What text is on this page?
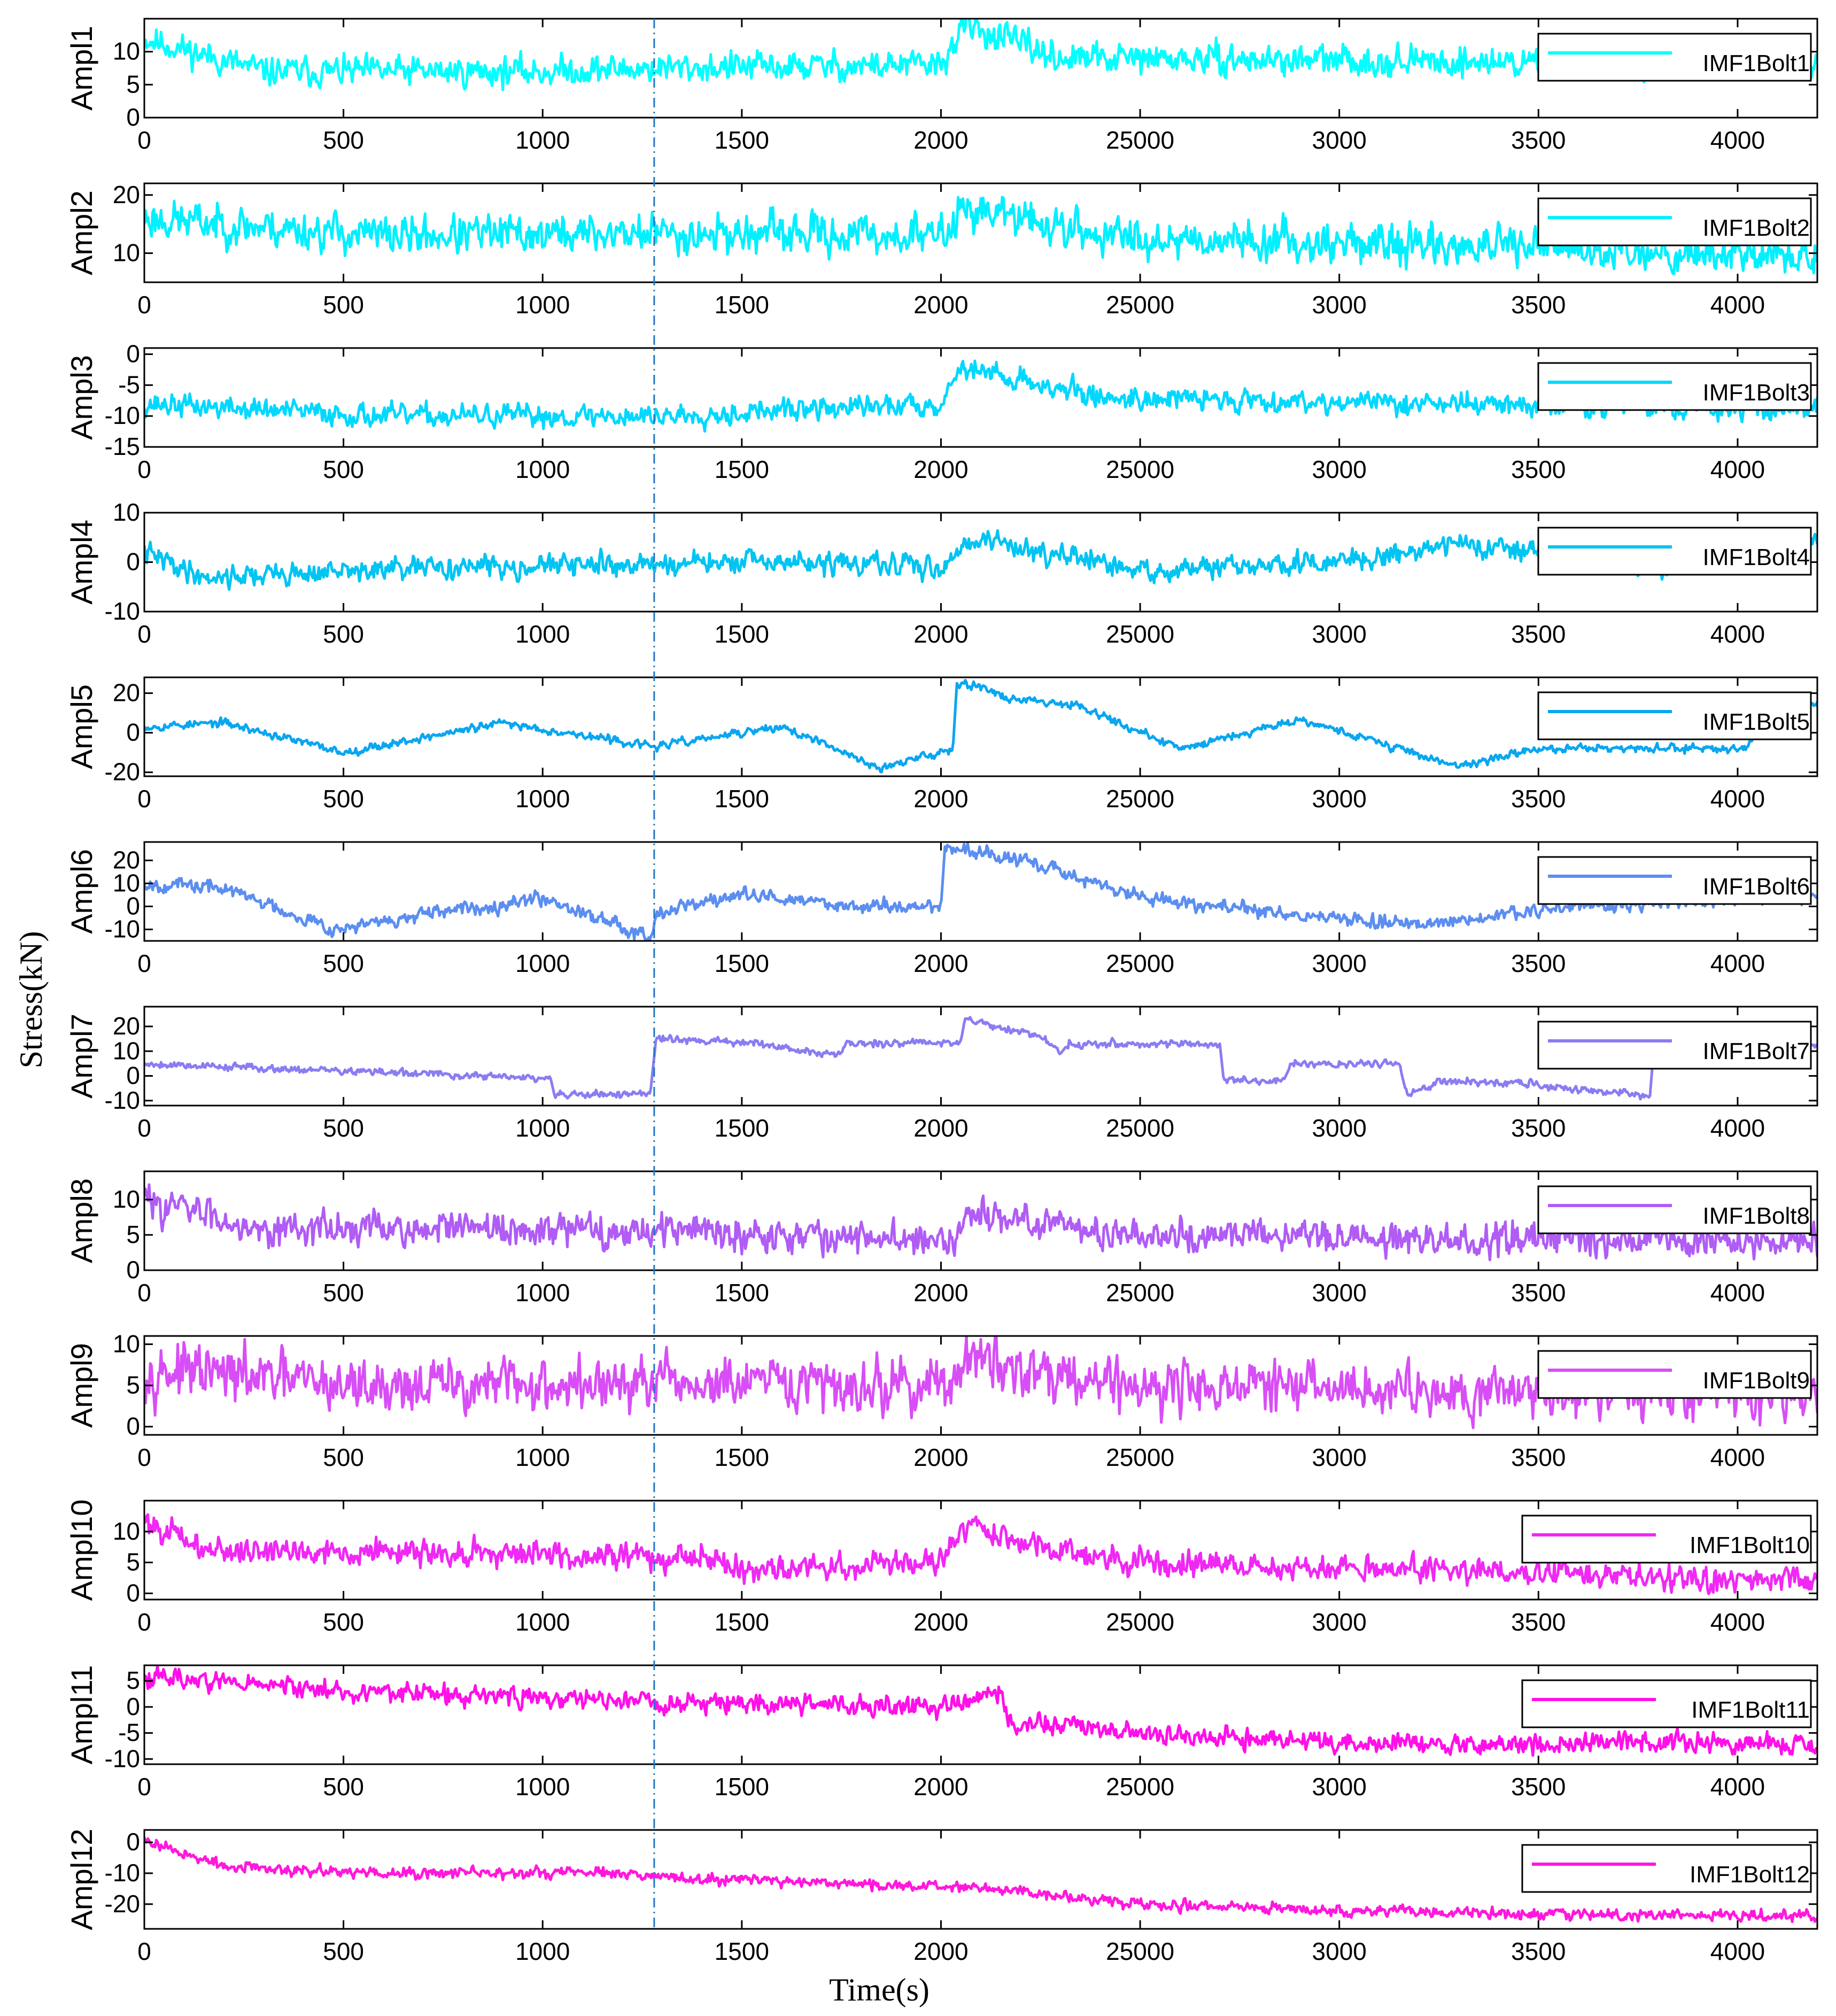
0
5
10
0	500	1000	1500	2000	25000	3000	3500	4000
Ampl1	IMF1Bolt1
10
20
0	500	1000	1500	2000	25000	3000	3500	4000
Ampl2	IMF1Bolt2
0
-5
-10
-15
0	500	1000	1500	2000	25000	3000	3500	4000
Ampl3	IMF1Bolt3
10
0
-10
0	500	1000	1500	2000	25000	3000	3500	4000
Ampl4	IMF1Bolt4
20
0
-20
0	500	1000	1500	2000	25000	3000	3500	4000
Ampl5	IMF1Bolt5
20
10
0
-10
0	500	1000	1500	2000	25000	3000	3500	4000
Ampl6	IMF1Bolt6
20
10
0
-10
0	500	1000	1500	2000	25000	3000	3500	4000
Ampl7	IMF1Bolt7
0
5
10
0	500	1000	1500	2000	25000	3000	3500	4000
Ampl8	IMF1Bolt8
0
5
10
0	500	1000	1500	2000	25000	3000	3500	4000
Ampl9	IMF1Bolt9
0
5
10
0	500	1000	1500	2000	25000	3000	3500	4000
Ampl10	IMF1Bolt10
5
0
-5
-10
0	500	1000	1500	2000	25000	3000	3500	4000
Ampl11	IMF1Bolt11
0
-10
-20
0	500	1000	1500	2000	25000	3000	3500	4000
Ampl12	IMF1Bolt12
Stress(kN)
Time(s)
